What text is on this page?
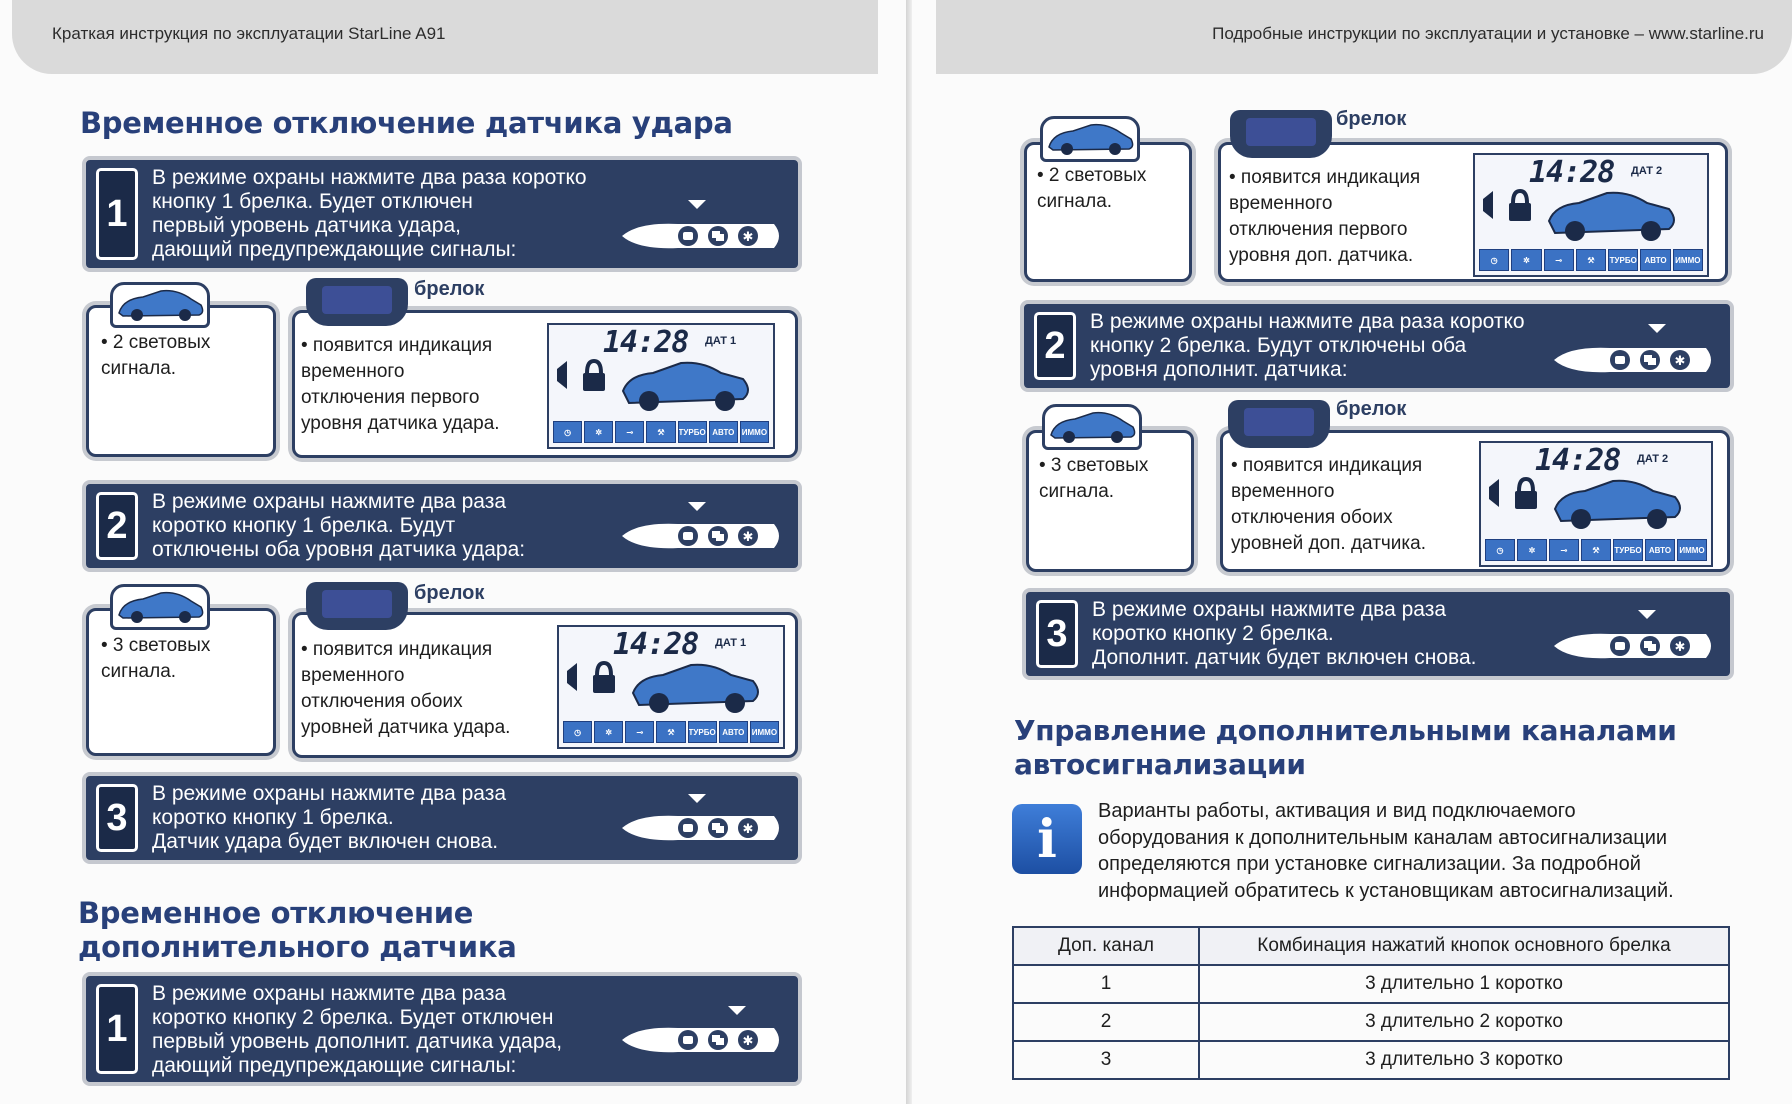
Краткая инструкция по эксплуатации StarLine A91
Временное отключение датчика удара
1
В режиме охраны нажмите два раза коротко
кнопку 1 брелка. Будет отключен
первый уровень датчика удара,
дающий предупреждающие сигналы:
✱
• 2 световых
сигнала.
• появится индикация
временного
отключения первого
уровня датчика удара.
14:28 ДАТ 1
◷	✲	⊸	⚒	ТУРБО АВТО ИММО
брелок
2
В режиме охраны нажмите два раза
коротко кнопку 1 брелка. Будут
отключены оба уровня датчика удара:
✱
• 3 световых
сигнала.
• появится индикация
временного
отключения обоих
уровней датчика удара.
14:28 ДАТ 1
◷	✲	⊸	⚒	ТУРБО АВТО ИММО
брелок
3
В режиме охраны нажмите два раза
коротко кнопку 1 брелка.
Датчик удара будет включен снова.
✱
Временное отключение
дополнительного датчика
1
В режиме охраны нажмите два раза
коротко кнопку 2 брелка. Будет отключен
первый уровень дополнит. датчика удара,
дающий предупреждающие сигналы:
✱
Подробные инструкции по эксплуатации и установке – www.starline.ru
• 2 световых
сигнала.
• появится индикация
временного
отключения первого
уровня доп. датчика.
14:28 ДАТ 2
◷	✲	⊸	⚒	ТУРБО АВТО	ИММО
брелок
2
В режиме охраны нажмите два раза коротко
кнопку 2 брелка. Будут отключены оба
уровня дополнит. датчика:	✱
• 3 световых
сигнала.
• появится индикация
временного
отключения обоих
уровней доп. датчика.
14:28 ДАТ 2
◷	✲	⊸	⚒	ТУРБО АВТО	ИММО
брелок
3
В режиме охраны нажмите два раза
коротко кнопку 2 брелка.
Дополнит. датчик будет включен снова.	✱
Управление дополнительными каналами
автосигнализации
i	Варианты работы, активация и вид подключаемого
оборудования к дополнительным каналам автосигнализации
определяются при установке сигнализации. За подробной
информацией обратитесь к установщикам автосигнализаций.
Доп. канал	Комбинация нажатий кнопок основного брелка
1	3 длительно 1 коротко
2	3 длительно 2 коротко
3	3 длительно 3 коротко
